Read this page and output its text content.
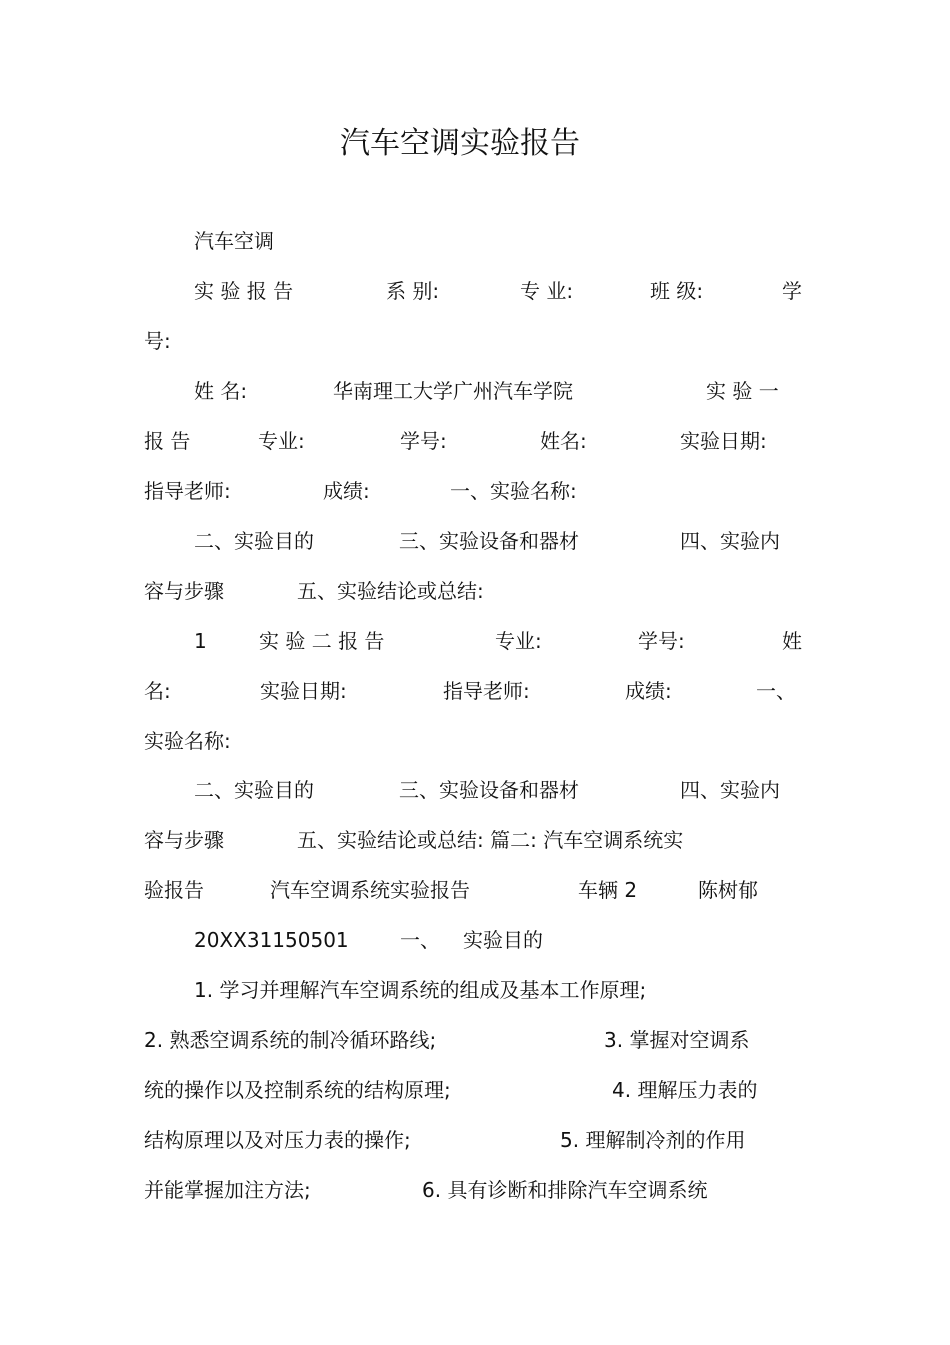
汽车空调实验报告
汽车空调
实 验 报 告	系 别:	专 业:	班 级:	学
号:
姓 名:	华南理工大学广州汽车学院	实 验 一
报 告	专业:	学号:	姓名:	实验日期:
指导老师:	成绩:	一、实验名称:
二、实验目的	三、实验设备和器材	四、实验内
容与步骤	五、实验结论或总结:
1	实 验 二 报 告	专业:	学号:	姓
名:	实验日期:	指导老师:	成绩:	一、
实验名称:
二、实验目的	三、实验设备和器材	四、实验内
容与步骤	五、实验结论或总结: 篇二: 汽车空调系统实
验报告	汽车空调系统实验报告	车辆 2	陈树郁
20XX31150501	一、 实验目的
1. 学习并理解汽车空调系统的组成及基本工作原理;
2. 熟悉空调系统的制冷循环路线;	3. 掌握对空调系
统的操作以及控制系统的结构原理;	4. 理解压力表的
结构原理以及对压力表的操作;	5. 理解制冷剂的作用
并能掌握加注方法;	6. 具有诊断和排除汽车空调系统
